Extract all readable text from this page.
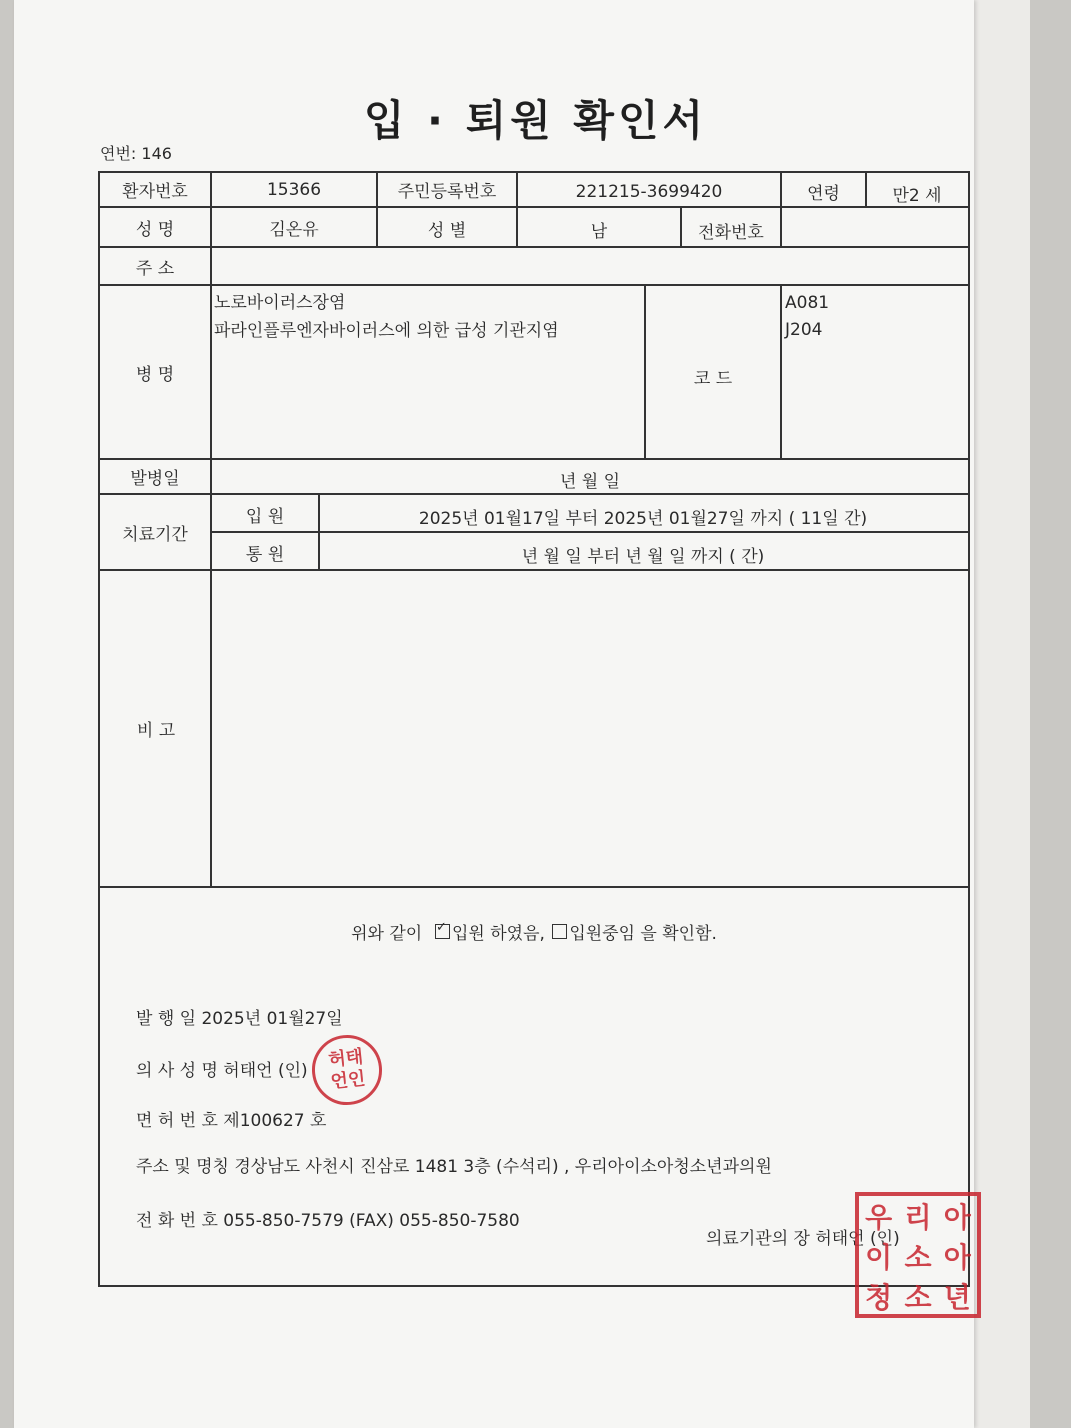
입 · 퇴원 확인서
연번: 146
환자번호	15366	주민등록번호	221215-3699420	연령	만2 세
성 명	김온유	성 별	남	전화번호
주 소
병 명
노로바이러스장염
파라인플루엔자바이러스에 의한 급성 기관지염
코 드
A081
J204
발병일	년 월 일
치료기간
입 원	2025년 01월17일 부터 2025년 01월27일 까지 ( 11일 간)
통 원	년 월 일 부터 년 월 일 까지 ( 간)
비 고
위와 같이

✓ 입원 하였음,
입원중임
을 확인함.
발 행 일 2025년 01월27일
의 사 성 명 허태언 (인)
면 허 번 호 제100627 호
주소 및 명칭 경상남도 사천시 진삼로 1481 3층 (수석리) , 우리아이소아청소년과의원
전 화 번 호 055-850-7579 (FAX) 055-850-7580
의료기관의 장 허태언 (인)
허태
언인
우 리 아
이 소 아
청 소 년
